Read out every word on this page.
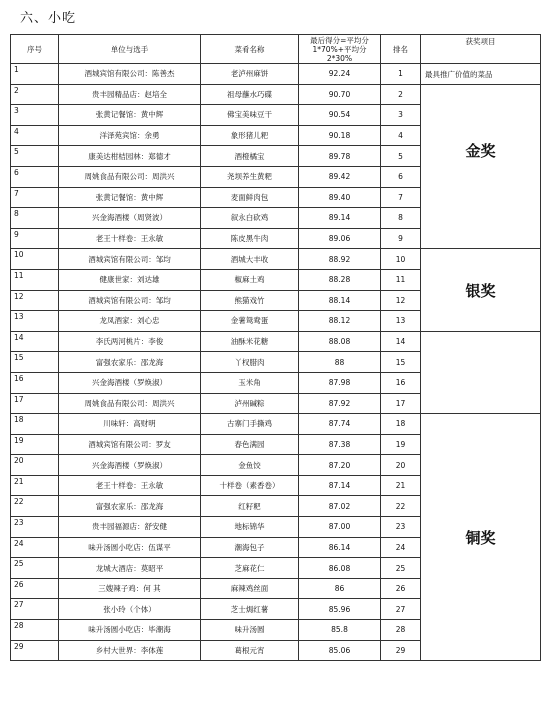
六、小吃
序号	单位与选手	菜肴名称	最后得分=平均分 1*70%+平均分 2*30%	排名	获奖项目
1	酒城宾馆有限公司：陈善杰	老泸州麻饼	92.24	1	最具推广价值的菜品
金奖

2	贵丰园精品店：赵培全	祖母蘸水巧碟	90.70	2	
3	张黄记餐馆：黄中辉	佛宝美味豆干	90.54	3	
4	洋泽苑宾馆：余勇	象形猪儿粑	90.18	4	
5	康美达柑桔园林：郑德才	酒橙橘宝	89.78	5	
6	周姚食品有限公司：周洪兴	尧坝养生黄粑	89.42	6	
7	张黄记餐馆：黄中辉	麦面鲜肉包	89.40	7	
8	兴金海酒楼（周贤波）	叙永白砍鸡	89.14	8	
9	老王十样卷：王永敏	陈皮黑牛肉	89.06	9	
10	酒城宾馆有限公司：邹均	酒城大丰收	88.92	10	银奖

11	健康世家：刘达雄	椒麻土鸡	88.28	11	
12	酒城宾馆有限公司：邹均	熊猫戏竹	88.14	12	
13	龙凤酒家：刘心忠	金薯鸳鸯蛋	88.12	13	
14	李氏两河桃片：李俊	油酥米花糖	88.08	14	
15	富强农家乐：邵龙海	丫杈腊肉	88	15	
16	兴金海酒楼（罗焕淑）	玉米角	87.98	16	
17	周姚食品有限公司：周洪兴	泸州碱粽	87.92	17	
18	川味轩：高财明	古寨门手撕鸡	87.74	18	铜奖

19	酒城宾馆有限公司：罗友	春色满园	87.38	19	
20	兴金海酒楼（罗焕淑）	金鱼饺	87.20	20	
21	老王十样卷：王永敏	十样卷（素香卷）	87.14	21	
22	富强农家乐：邵龙海	红籽粑	87.02	22	
23	贵丰园福源店：舒安健	地标锦华	87.00	23	
24	味升汤圆小吃店：伍谋平	潮海包子	86.14	24	
25	龙城大酒店：莫昭平	芝麻花仁	86.08	25	
26	三嫂辣子鸡：何 其	麻辣鸡丝面	86	26	
27	张小玲（个体）	芝士焗红薯	85.96	27	
28	味升汤圆小吃店：毕潮海	味升汤圆	85.8	28	
29	乡村大世界：李体莲	葛根元宵	85.06	29	
